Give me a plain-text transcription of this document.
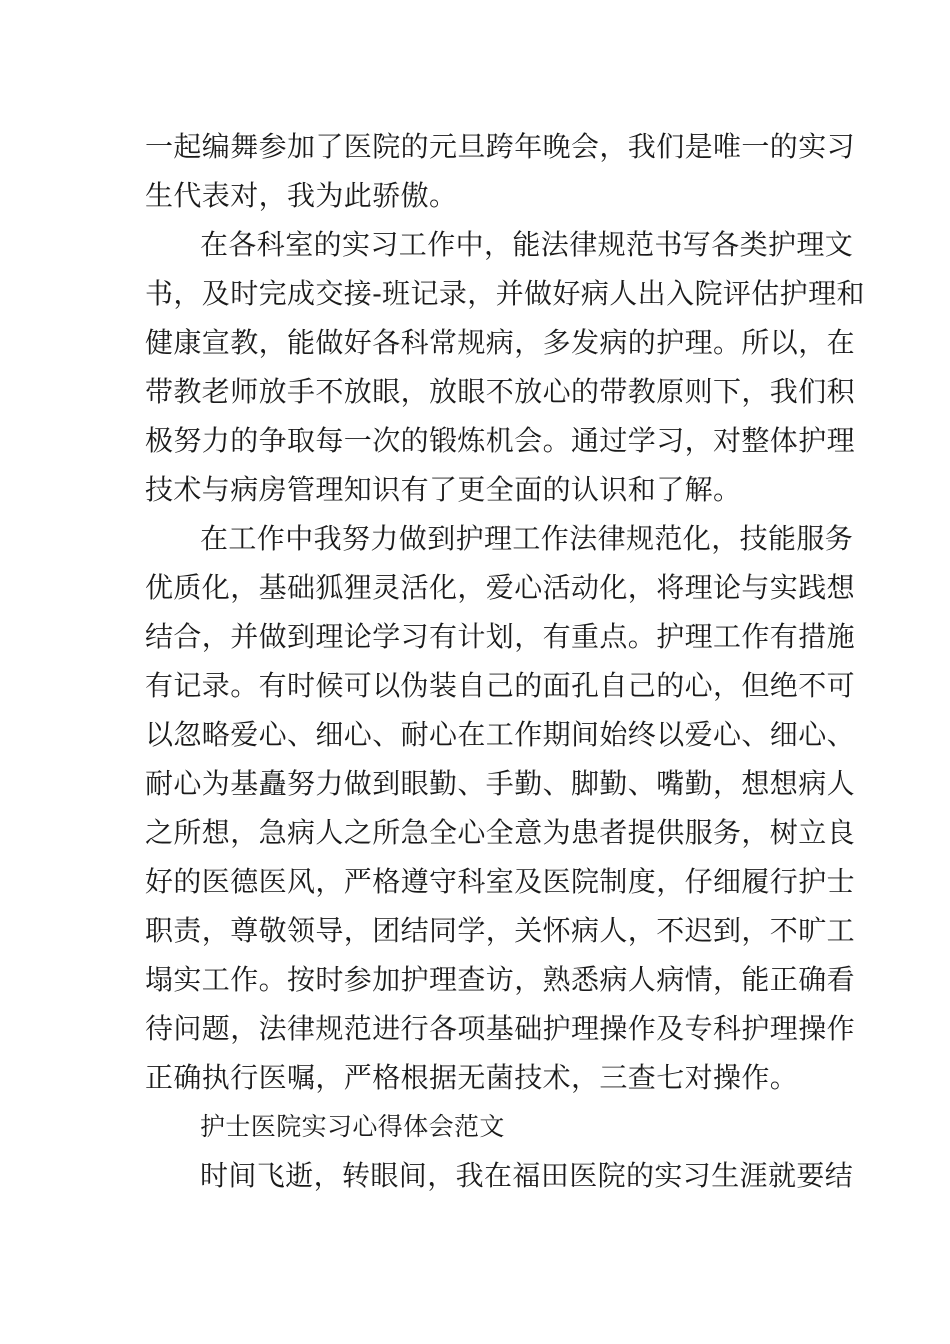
一起编舞参加了医院的元旦跨年晚会，我们是唯一的实习
生代表对，我为此骄傲。
在各科室的实习工作中，能法律规范书写各类护理文
书，及时完成交接-班记录，并做好病人出入院评估护理和
健康宣教，能做好各科常规病，多发病的护理。所以，在
带教老师放手不放眼，放眼不放心的带教原则下，我们积
极努力的争取每一次的锻炼机会。通过学习，对整体护理
技术与病房管理知识有了更全面的认识和了解。
在工作中我努力做到护理工作法律规范化，技能服务
优质化，基础狐狸灵活化，爱心活动化，将理论与实践想
结合，并做到理论学习有计划，有重点。护理工作有措施
有记录。有时候可以伪装自己的面孔自己的心，但绝不可
以忽略爱心、细心、耐心在工作期间始终以爱心、细心、
耐心为基矗努力做到眼勤、手勤、脚勤、嘴勤，想想病人
之所想，急病人之所急全心全意为患者提供服务，树立良
好的医德医风，严格遵守科室及医院制度，仔细履行护士
职责，尊敬领导，团结同学，关怀病人，不迟到，不旷工
塌实工作。按时参加护理查访，熟悉病人病情，能正确看
待问题，法律规范进行各项基础护理操作及专科护理操作
正确执行医嘱，严格根据无菌技术，三查七对操作。
护士医院实习心得体会范文
时间飞逝，转眼间，我在福田医院的实习生涯就要结
